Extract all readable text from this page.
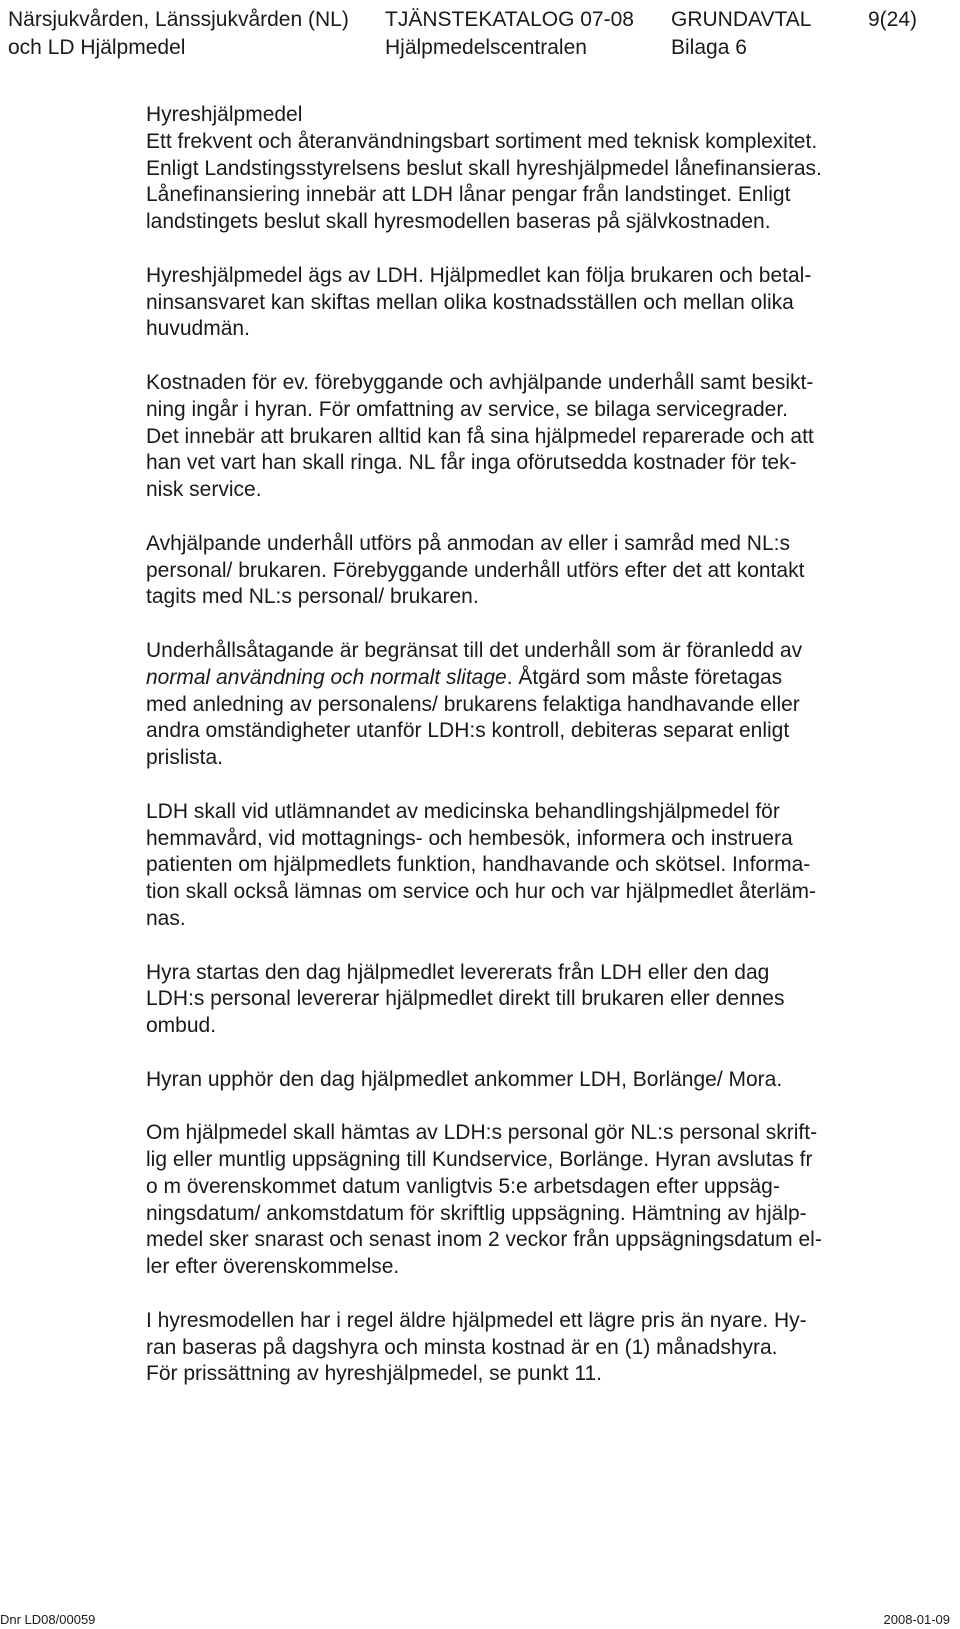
Närsjukvården, Länssjukvården (NL) TJÄNSTEKATALOG 07-08 GRUNDAVTAL	9(24)
och LD Hjälpmedel	Hjälpmedelscentralen	Bilaga 6

Hyreshjälpmedel

Ett frekvent och återanvändningsbart sortiment med teknisk komplexitet.
Enligt Landstingsstyrelsens beslut skall hyreshjälpmedel lånefinansieras.
Lånefinansiering innebär att LDH lånar pengar från landstinget. Enligt
landstingets beslut skall hyresmodellen baseras på självkostnaden.

Hyreshjälpmedel ägs av LDH. Hjälpmedlet kan följa brukaren och betal-
ninsansvaret kan skiftas mellan olika kostnadsställen och mellan olika
huvudmän.

Kostnaden för ev. förebyggande och avhjälpande underhåll samt besikt-
ning ingår i hyran. För omfattning av service, se bilaga servicegrader.
Det innebär att brukaren alltid kan få sina hjälpmedel reparerade och att
han vet vart han skall ringa. NL får inga oförutsedda kostnader för tek-
nisk service.

Avhjälpande underhåll utförs på anmodan av eller i samråd med NL:s
personal/ brukaren. Förebyggande underhåll utförs efter det att kontakt
tagits med NL:s personal/ brukaren.

Underhållsåtagande är begränsat till det underhåll som är föranledd av
normal användning och normalt slitage. Åtgärd som måste företagas
med anledning av personalens/ brukarens felaktiga handhavande eller
andra omständigheter utanför LDH:s kontroll, debiteras separat enligt
prislista.

LDH skall vid utlämnandet av medicinska behandlingshjälpmedel för
hemmavård, vid mottagnings- och hembesök, informera och instruera
patienten om hjälpmedlets funktion, handhavande och skötsel. Informa-
tion skall också lämnas om service och hur och var hjälpmedlet återläm-
nas.

Hyra startas den dag hjälpmedlet levererats från LDH eller den dag
LDH:s personal levererar hjälpmedlet direkt till brukaren eller dennes
ombud.

Hyran upphör den dag hjälpmedlet ankommer LDH, Borlänge/ Mora.

Om hjälpmedel skall hämtas av LDH:s personal gör NL:s personal skrift-
lig eller muntlig uppsägning till Kundservice, Borlänge. Hyran avslutas fr
o m överenskommet datum vanligtvis 5:e arbetsdagen efter uppsäg-
ningsdatum/ ankomstdatum för skriftlig uppsägning. Hämtning av hjälp-
medel sker snarast och senast inom 2 veckor från uppsägningsdatum el-
ler efter överenskommelse.

I hyresmodellen har i regel äldre hjälpmedel ett lägre pris än nyare. Hy-
ran baseras på dagshyra och minsta kostnad är en (1) månadshyra.
För prissättning av hyreshjälpmedel, se punkt 11.

Dnr LD08/00059	2008-01-09
